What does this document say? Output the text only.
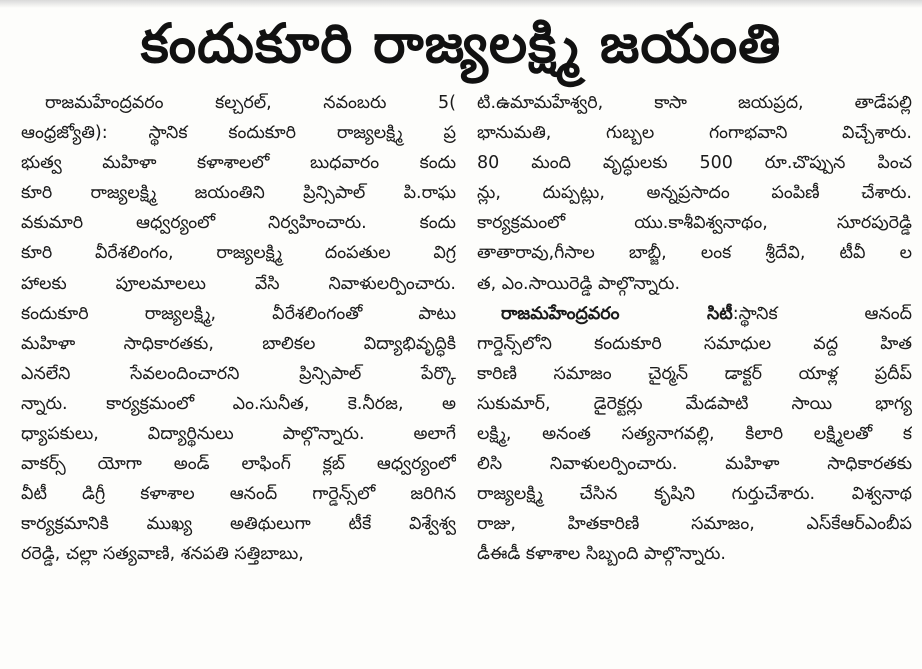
కందుకూరి రాజ్యలక్ష్మి జయంతి
రాజమహేంద్రవరం కల్చరల్, నవంబరు 5(
ఆంధ్రజ్యోతి): స్థానిక కందుకూరి రాజ్యలక్ష్మి ప్ర
భుత్వ మహిళా కళాశాలలో బుధవారం కందు
కూరి రాజ్యలక్ష్మి జయంతిని ప్రిన్సిపాల్ పి.రాఘ
వకుమారి ఆధ్వర్యంలో నిర్వహించారు. కందు
కూరి వీరేశలింగం, రాజ్యలక్ష్మి దంపతుల విగ్ర
హాలకు పూలమాలలు వేసి నివాళులర్పించారు.
కందుకూరి రాజ్యలక్ష్మి, వీరేశలింగంతో పాటు
మహిళా సాధికారతకు, బాలికల విద్యాభివృద్ధికి
ఎనలేని సేవలందించారని ప్రిన్సిపాల్ పేర్కొ
న్నారు. కార్యక్రమంలో ఎం.సునీత, కె.నీరజ, అ
ధ్యాపకులు, విద్యార్థినులు పాల్గొన్నారు. అలాగే
వాకర్స్ యోగా అండ్ లాఫింగ్ క్లబ్ ఆధ్వర్యంలో
వీటీ డిగ్రీ కళాశాల ఆనంద్ గార్డెన్స్‌లో జరిగిన
కార్యక్రమానికి ముఖ్య అతిథులుగా టీకే విశ్వేశ్వ
రరెడ్డి, చల్లా సత్యవాణి, శనపతి సత్తిబాబు,
టి.ఉమామహేశ్వరి, కాసా జయప్రద, తాడేపల్లి
భానుమతి, గుబ్బల గంగాభవాని విచ్చేశారు.
80 మంది వృద్ధులకు 500 రూ.చొప్పున పించ
న్లు, దుప్పట్లు, అన్నప్రసాదం పంపిణీ చేశారు.
కార్యక్రమంలో యు.కాశీవిశ్వనాథం, సూరపురెడ్డి
తాతారావు,గీసాల బాబ్జీ, లంక శ్రీదేవి, టీవీ ల
త, ఎం.సాయిరెడ్డి పాల్గొన్నారు.
రాజమహేంద్రవరం సిటీ:స్థానిక ఆనంద్
గార్డెన్స్‌లోని కందుకూరి సమాధుల వద్ద హిత
కారిణి సమాజం చైర్మన్ డాక్టర్ యాళ్ల ప్రదీప్
సుకుమార్, డైరెక్టర్లు మేడపాటి సాయి భాగ్య
లక్ష్మి, అనంత సత్యనాగవల్లి, కిలారి లక్ష్మిలతో క
లిసి నివాళులర్పించారు. మహిళా సాధికారతకు
రాజ్యలక్ష్మి చేసిన కృషిని గుర్తుచేశారు. విశ్వనాథ
రాజు, హితకారిణి సమాజం, ఎస్‌కేఆర్‌ఎంబీప
డీఈడీ కళాశాల సిబ్బంది పాల్గొన్నారు.
